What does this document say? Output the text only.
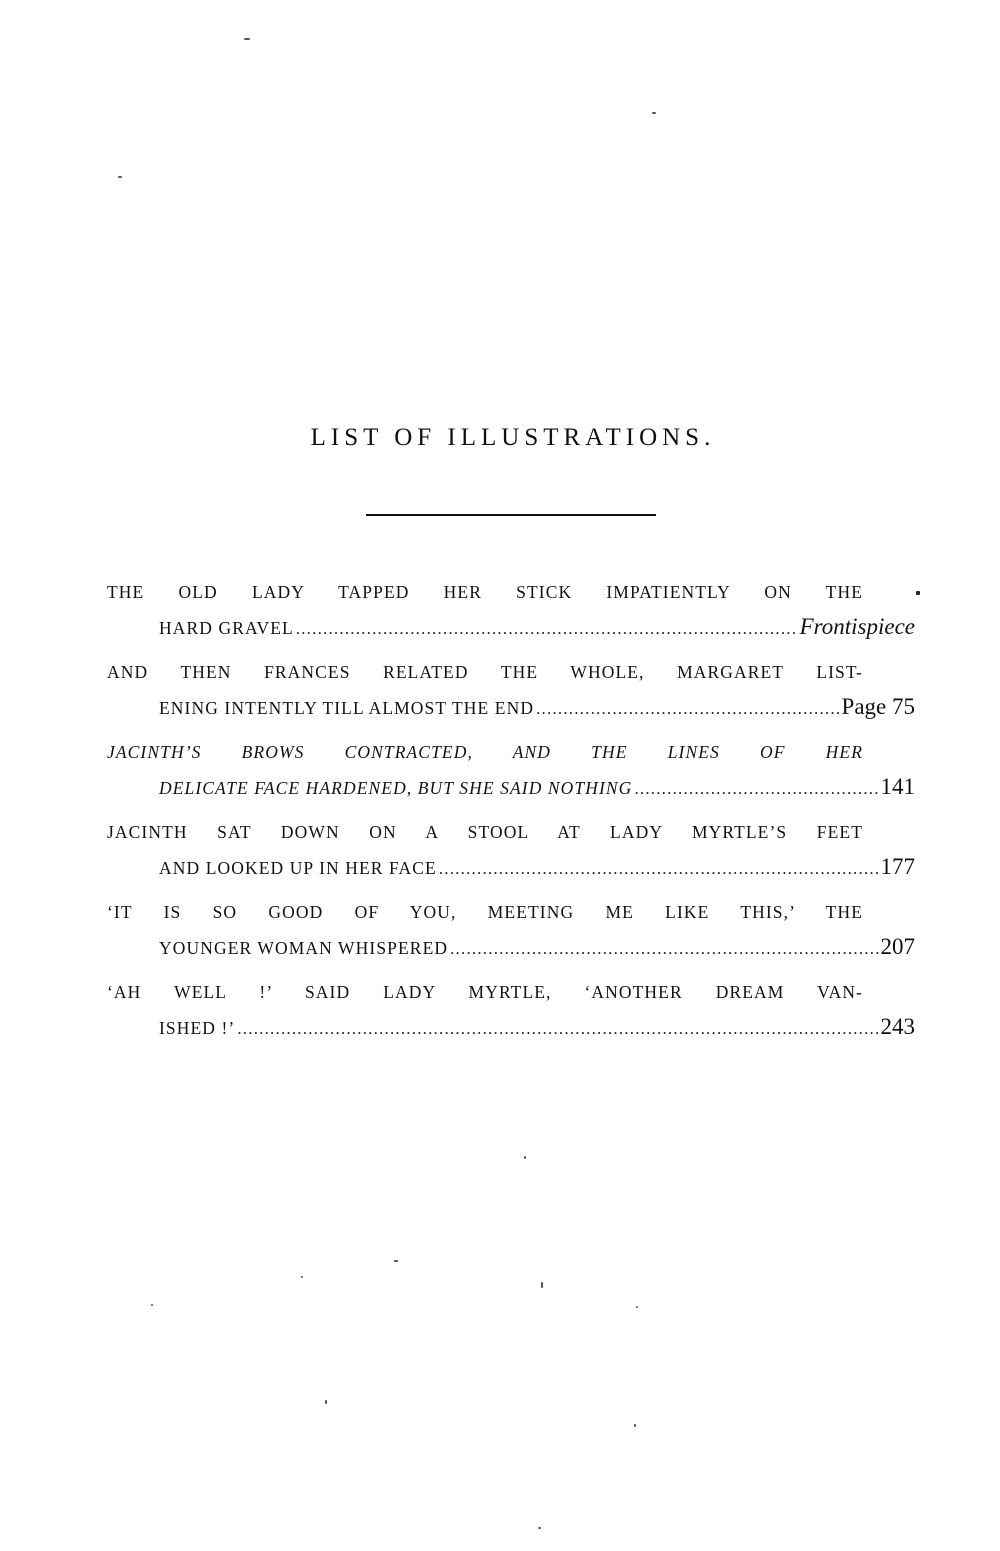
LIST OF ILLUSTRATIONS.
THE OLD LADY TAPPED HER STICK IMPATIENTLY ON THE
HARD GRAVEL .....	Frontispiece
AND THEN FRANCES RELATED THE WHOLE, MARGARET LIST-
ENING INTENTLY TILL ALMOST THE END .....	Page 75
JACINTH’S BROWS CONTRACTED, AND THE LINES OF HER
DELICATE FACE HARDENED, BUT SHE SAID NOTHING .....	141
JACINTH SAT DOWN ON A STOOL AT LADY MYRTLE’S FEET
AND LOOKED UP IN HER FACE .....	177
‘IT IS SO GOOD OF YOU, MEETING ME LIKE THIS,’ THE
YOUNGER WOMAN WHISPERED .....	207
‘AH WELL !’ SAID LADY MYRTLE, ‘ANOTHER DREAM VAN-
ISHED !’ .....	243
